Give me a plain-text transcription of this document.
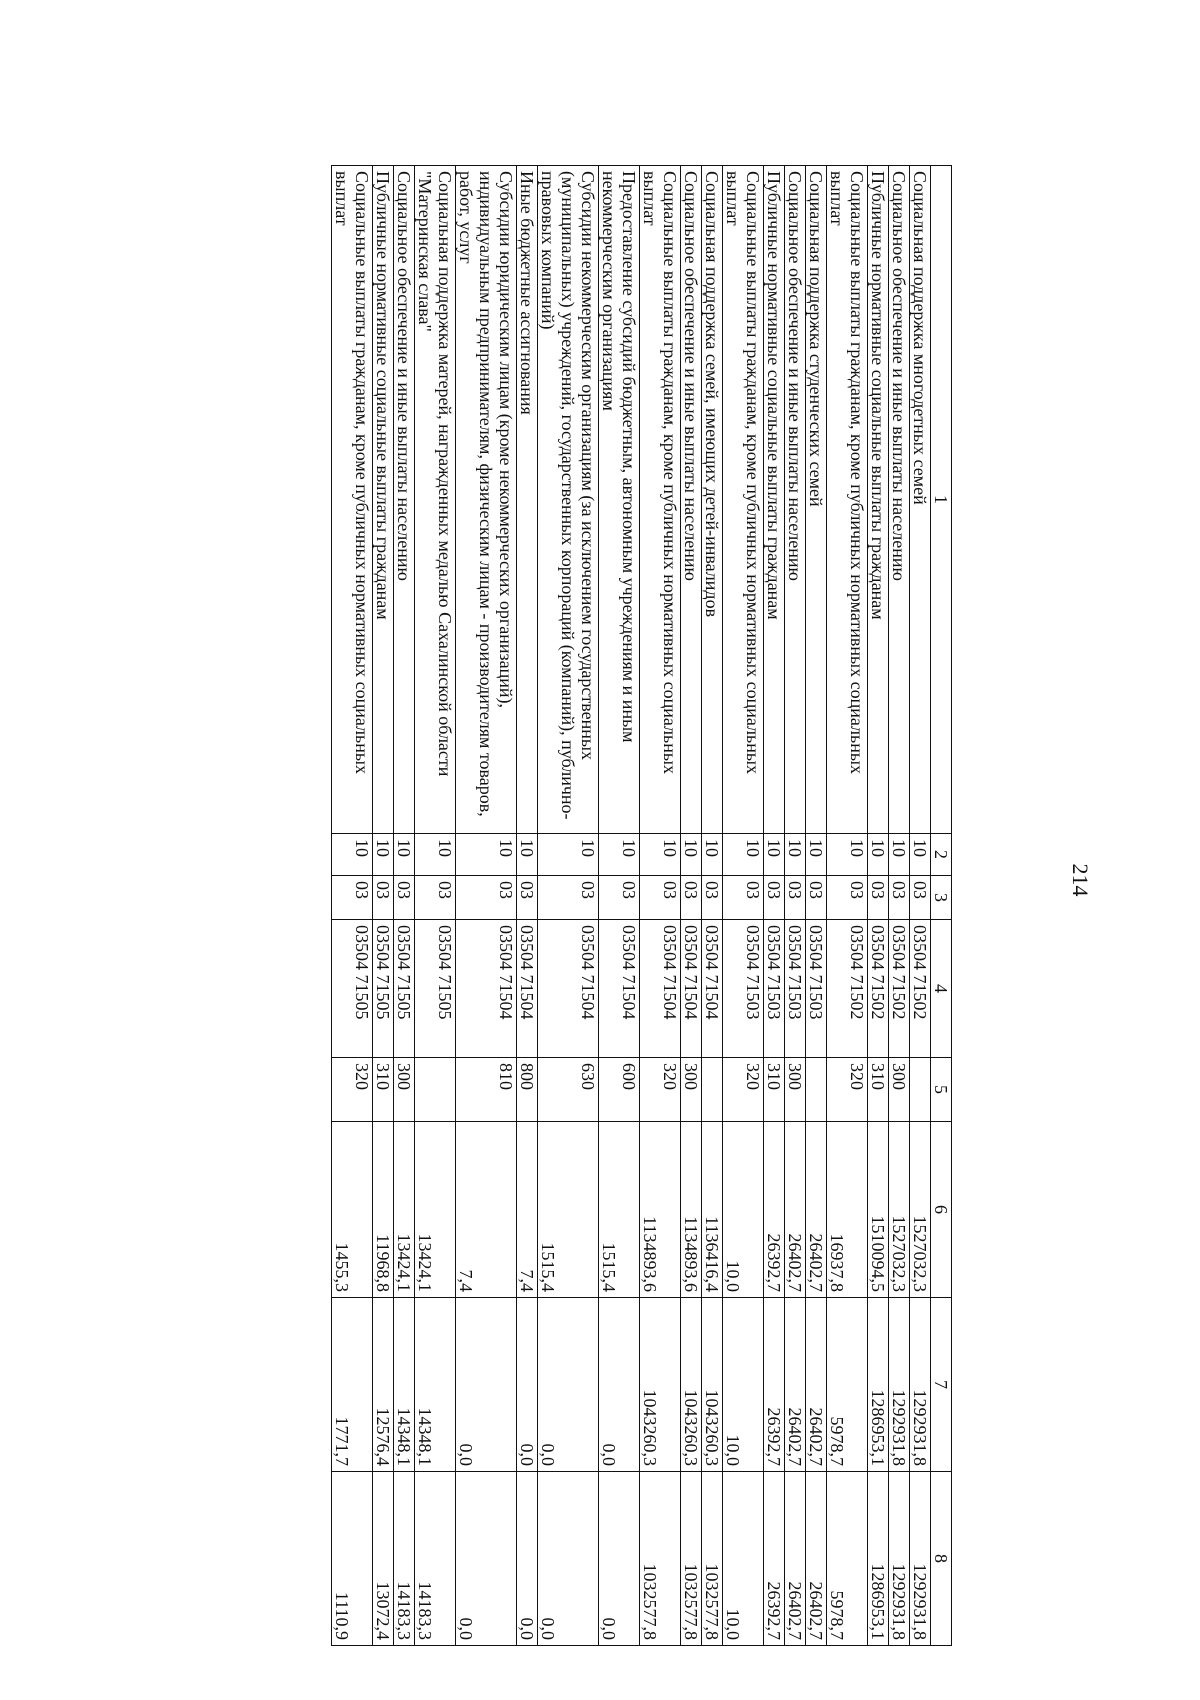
214
1	2	3	4	5	6	7	8
Социальная поддержка многодетных семей	10	03	03504 71502		1527032,3	1292931,8	1292931,8
Социальное обеспечение и иные выплаты населению	10	03	03504 71502	300	1527032,3	1292931,8	1292931,8
Публичные нормативные социальные выплаты гражданам	10	03	03504 71502	310	1510094,5	1286953,1	1286953,1
Социальные выплаты гражданам, кроме публичных нормативных социальных выплат	10	03	03504 71502	320	16937,8	5978,7	5978,7
Социальная поддержка студенческих семей	10	03	03504 71503		26402,7	26402,7	26402,7
Социальное обеспечение и иные выплаты населению	10	03	03504 71503	300	26402,7	26402,7	26402,7
Публичные нормативные социальные выплаты гражданам	10	03	03504 71503	310	26392,7	26392,7	26392,7
Социальные выплаты гражданам, кроме публичных нормативных социальных выплат	10	03	03504 71503	320	10,0	10,0	10,0
Социальная поддержка семей, имеющих детей-инвалидов	10	03	03504 71504		1136416,4	1043260,3	1032577,8
Социальное обеспечение и иные выплаты населению	10	03	03504 71504	300	1134893,6	1043260,3	1032577,8
Социальные выплаты гражданам, кроме публичных нормативных социальных выплат	10	03	03504 71504	320	1134893,6	1043260,3	1032577,8
Предоставление субсидий бюджетным, автономным учреждениям и иным некоммерческим организациям	10	03	03504 71504	600	1515,4	0,0	0,0
Субсидии некоммерческим организациям (за исключением государственных (муниципальных) учреждений, государственных корпораций (компаний), публично-правовых компаний)	10	03	03504 71504	630	1515,4	0,0	0,0
Иные бюджетные ассигнования	10	03	03504 71504	800	7,4	0,0	0,0
Субсидии юридическим лицам (кроме некоммерческих организаций), индивидуальным предпринимателям, физическим лицам - производителям товаров, работ, услуг	10	03	03504 71504	810	7,4	0,0	0,0
Социальная поддержка матерей, награжденных медалью Сахалинской области "Материнская слава"	10	03	03504 71505		13424,1	14348,1	14183,3
Социальное обеспечение и иные выплаты населению	10	03	03504 71505	300	13424,1	14348,1	14183,3
Публичные нормативные социальные выплаты гражданам	10	03	03504 71505	310	11968,8	12576,4	13072,4
Социальные выплаты гражданам, кроме публичных нормативных социальных выплат	10	03	03504 71505	320	1455,3	1771,7	1110,9
